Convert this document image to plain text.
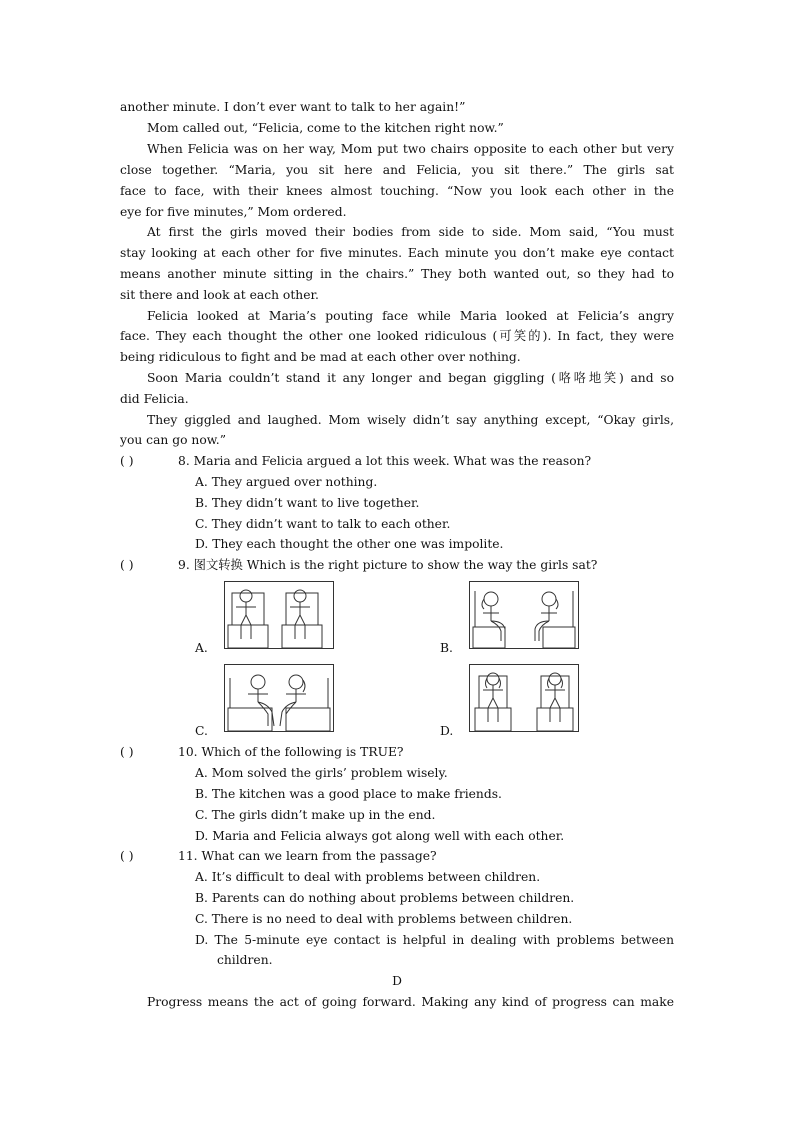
another minute. I don’t ever want to talk to her again!”
Mom called out, “Felicia, come to the kitchen right now.”
When Felicia was on her way, Mom put two chairs opposite to each other but very
close together. “Maria, you sit here and Felicia, you sit there.” The girls sat
face to face, with their knees almost touching. “Now you look each other in the
eye for five minutes,” Mom ordered.
At first the girls moved their bodies from side to side. Mom said, “You must
stay looking at each other for five minutes. Each minute you don’t make eye contact
means another minute sitting in the chairs.” They both wanted out, so they had to
sit there and look at each other.
Felicia looked at Maria’s pouting face while Maria looked at Felicia’s angry
face. They each thought the other one looked ridiculous (可笑的). In fact, they were
being ridiculous to fight and be mad at each other over nothing.
Soon Maria couldn’t stand it any longer and began giggling (咯咯地笑) and so
did Felicia.
They giggled and laughed. Mom wisely didn’t say anything except, “Okay girls,
you can go now.”
( )	8. Maria and Felicia argued a lot this week. What was the reason?
A. They argued over nothing.
B. They didn’t want to live together.
C. They didn’t want to talk to each other.
D. They each thought the other one was impolite.
( )	9. 图文转换 Which is the right picture to show the way the girls sat?
A.	B.
C.	D.
( )	10. Which of the following is TRUE?
A. Mom solved the girls’ problem wisely.
B. The kitchen was a good place to make friends.
C. The girls didn’t make up in the end.
D. Maria and Felicia always got along well with each other.
( )	11. What can we learn from the passage?
A. It’s difficult to deal with problems between children.
B. Parents can do nothing about problems between children.
C. There is no need to deal with problems between children.
D. The 5-minute eye contact is helpful in dealing with problems between
children.
D
Progress means the act of going forward. Making any kind of progress can make
